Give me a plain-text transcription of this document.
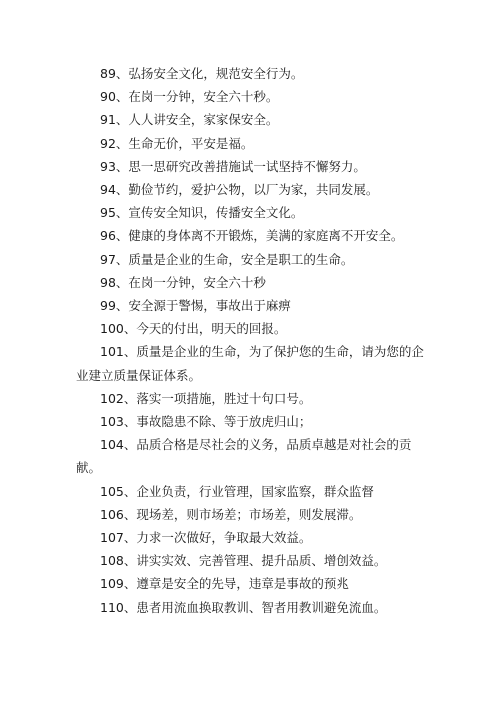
89、弘扬安全文化，规范安全行为。

90、在岗一分钟，安全六十秒。

91、人人讲安全，家家保安全。

92、生命无价，平安是福。

93、思一思研究改善措施试一试坚持不懈努力。

94、勤俭节约，爱护公物，以厂为家，共同发展。

95、宣传安全知识，传播安全文化。

96、健康的身体离不开锻炼，美满的家庭离不开安全。

97、质量是企业的生命，安全是职工的生命。

98、在岗一分钟，安全六十秒

99、安全源于警惕，事故出于麻痹

100、今天的付出，明天的回报。

101、质量是企业的生命，为了保护您的生命，请为您的企业建立质量保证体系。

102、落实一项措施，胜过十句口号。

103、事故隐患不除、等于放虎归山；

104、品质合格是尽社会的义务，品质卓越是对社会的贡献。

105、企业负责，行业管理，国家监察，群众监督

106、现场差，则市场差；市场差，则发展滞。

107、力求一次做好，争取最大效益。

108、讲实实效、完善管理、提升品质、增创效益。

109、遵章是安全的先导，违章是事故的预兆

110、患者用流血换取教训、智者用教训避免流血。
